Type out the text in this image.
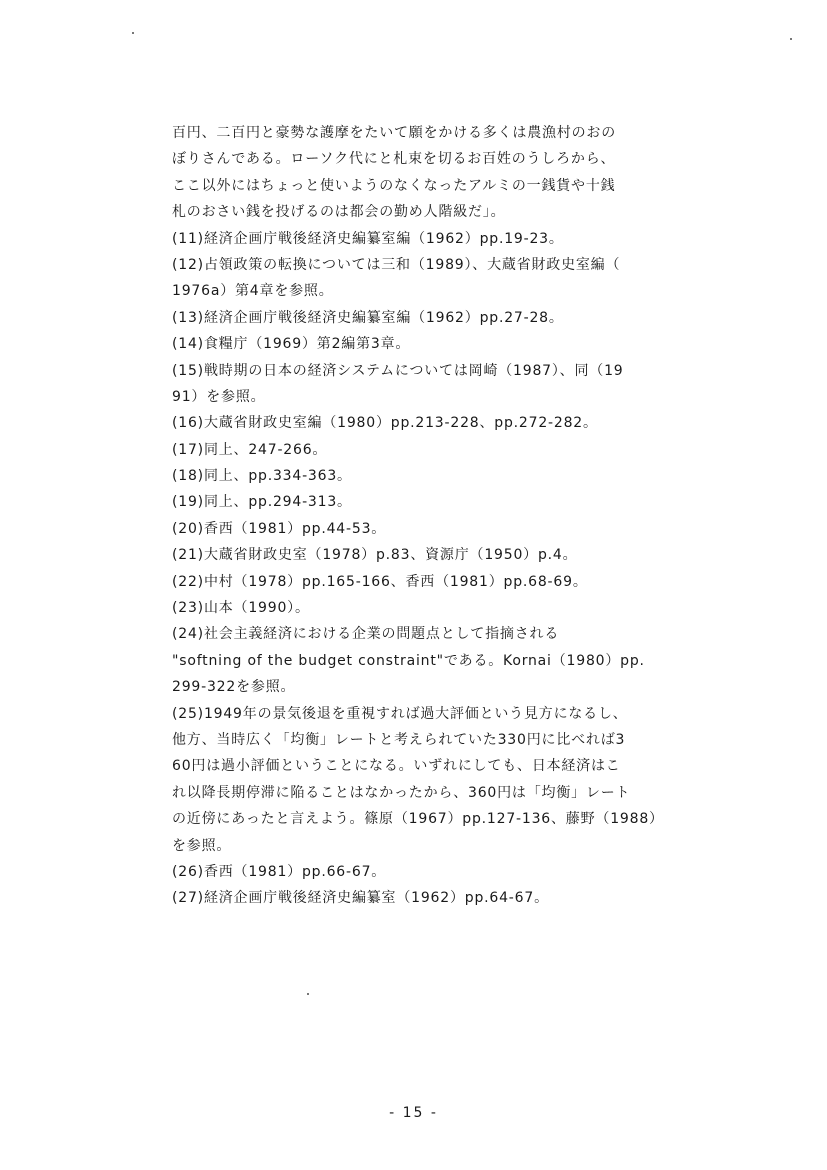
百円、二百円と豪勢な護摩をたいて願をかける多くは農漁村のおの
ぼりさんである。ローソク代にと札束を切るお百姓のうしろから、
ここ以外にはちょっと使いようのなくなったアルミの一銭貨や十銭
札のおさい銭を投げるのは都会の勤め人階級だ」。
(11)経済企画庁戦後経済史編纂室編（1962）pp.19-23。
(12)占領政策の転換については三和（1989）、大蔵省財政史室編（
1976a）第4章を参照。
(13)経済企画庁戦後経済史編纂室編（1962）pp.27-28。
(14)食糧庁（1969）第2編第3章。
(15)戦時期の日本の経済システムについては岡崎（1987）、同（19
91）を参照。
(16)大蔵省財政史室編（1980）pp.213-228、pp.272-282。
(17)同上、247-266。
(18)同上、pp.334-363。
(19)同上、pp.294-313。
(20)香西（1981）pp.44-53。
(21)大蔵省財政史室（1978）p.83、資源庁（1950）p.4。
(22)中村（1978）pp.165-166、香西（1981）pp.68-69。
(23)山本（1990）。
(24)社会主義経済における企業の問題点として指摘される
"softning of the budget constraint"である。Kornai（1980）pp.
299-322を参照。
(25)1949年の景気後退を重視すれば過大評価という見方になるし、
他方、当時広く「均衡」レートと考えられていた330円に比べれば3
60円は過小評価ということになる。いずれにしても、日本経済はこ
れ以降長期停滞に陥ることはなかったから、360円は「均衡」レート
の近傍にあったと言えよう。篠原（1967）pp.127-136、藤野（1988）
を参照。
(26)香西（1981）pp.66-67。
(27)経済企画庁戦後経済史編纂室（1962）pp.64-67。
- 15 -
